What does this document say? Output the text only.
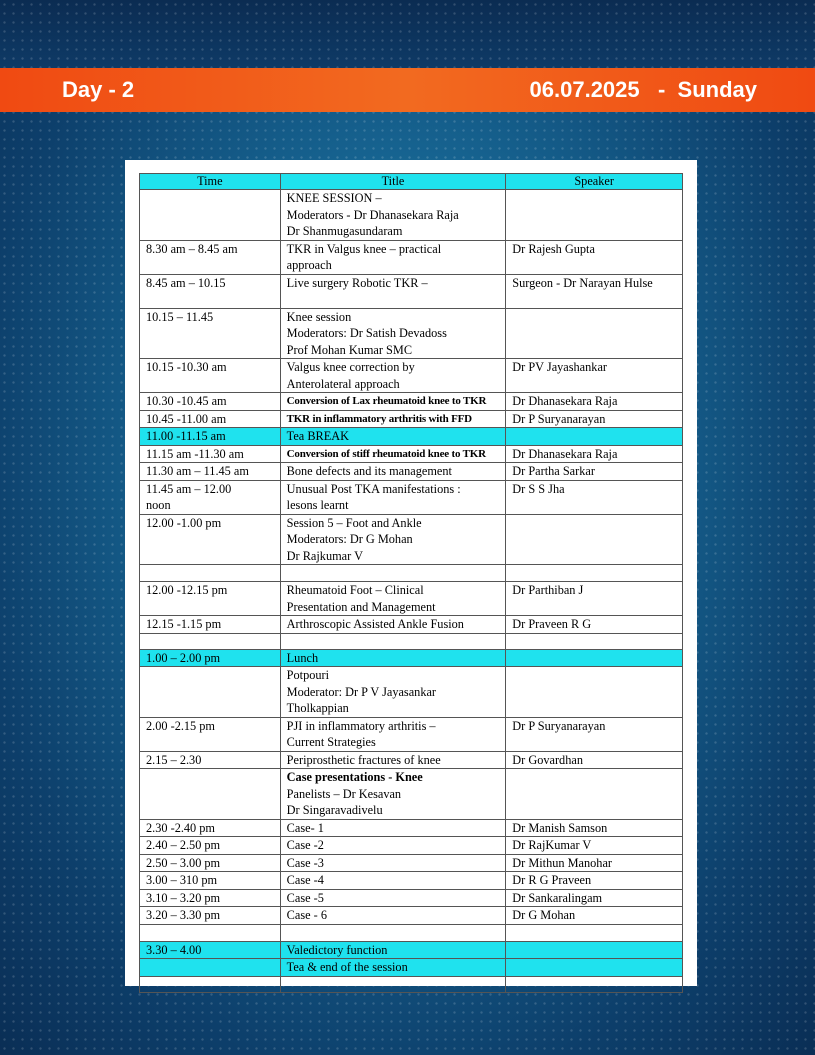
Day - 2	06.07.2025   -  Sunday
Time	Title	Speaker
	KNEE SESSION –
Moderators - Dr Dhanasekara Raja
Dr Shanmugasundaram	
8.30 am – 8.45 am	TKR in Valgus knee – practical
approach	Dr Rajesh Gupta
8.45 am – 10.15	Live surgery Robotic TKR –	Surgeon - Dr Narayan Hulse
10.15 – 11.45	Knee session
Moderators: Dr Satish Devadoss
Prof Mohan Kumar SMC	
10.15 -10.30 am	Valgus knee correction by
Anterolateral approach	Dr PV Jayashankar
10.30 -10.45 am	Conversion of Lax rheumatoid knee to TKR	Dr Dhanasekara Raja
10.45 -11.00 am	TKR in inflammatory arthritis with FFD	Dr P Suryanarayan
11.00 -11.15 am	Tea BREAK	
11.15 am -11.30 am	Conversion of stiff rheumatoid knee to TKR	Dr Dhanasekara Raja
11.30 am – 11.45 am	Bone defects and its management	Dr Partha Sarkar
11.45 am – 12.00
noon	Unusual Post TKA manifestations :
lesons learnt	Dr S S Jha
12.00 -1.00 pm	Session 5 – Foot and Ankle
Moderators: Dr G Mohan
Dr Rajkumar V	

12.00 -12.15 pm	Rheumatoid Foot – Clinical
Presentation and Management	Dr Parthiban J
12.15 -1.15 pm	Arthroscopic Assisted Ankle Fusion	Dr Praveen R G

1.00 – 2.00 pm	Lunch	
	Potpouri
Moderator: Dr P V Jayasankar
Tholkappian	
2.00 -2.15 pm	PJI in inflammatory arthritis –
Current Strategies	Dr P Suryanarayan
2.15 – 2.30	Periprosthetic fractures of knee	Dr Govardhan
	Case presentations - Knee
Panelists – Dr Kesavan
Dr Singaravadivelu	
2.30 -2.40 pm	Case- 1	Dr Manish Samson
2.40 – 2.50 pm	Case -2	Dr RajKumar V
2.50 – 3.00 pm	Case -3	Dr Mithun Manohar
3.00 – 310 pm	Case -4	Dr R G Praveen
3.10 – 3.20 pm	Case -5	Dr Sankaralingam
3.20 – 3.30 pm	Case - 6	Dr G Mohan

3.30 – 4.00	Valedictory function	
	Tea & end of the session	
